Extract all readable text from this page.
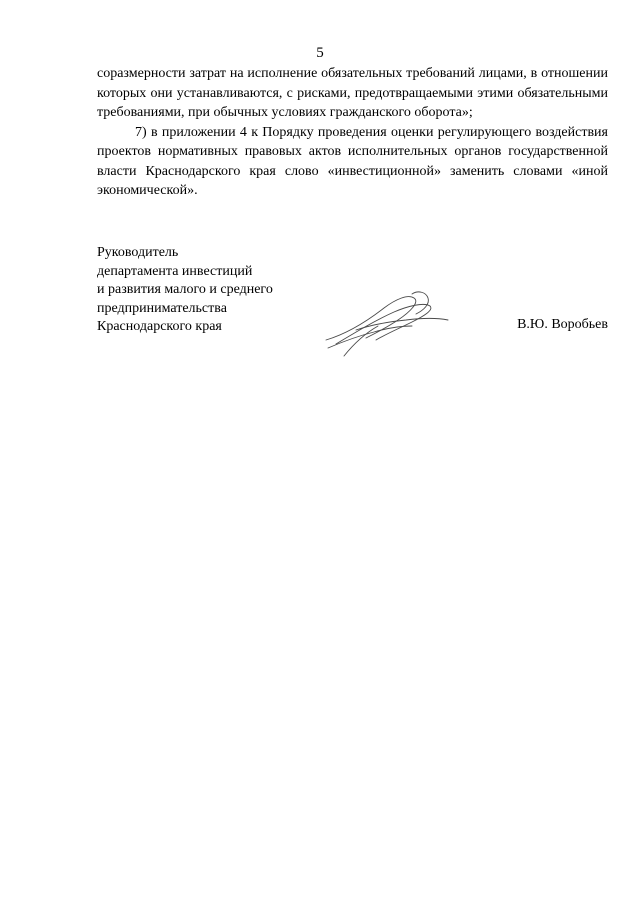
5

соразмерности затрат на исполнение обязательных требований лицами, в отношении которых они устанавливаются, с рисками, предотвращаемыми этими обязательными требованиями, при обычных условиях гражданского оборота»;

7) в приложении 4 к Порядку проведения оценки регулирующего воздействия проектов нормативных правовых актов исполнительных органов государственной власти Краснодарского края слово «инвестиционной» заменить словами «иной экономической».

Руководитель
департамента инвестиций
и развития малого и среднего
предпринимательства
Краснодарского края	В.Ю. Воробьев
